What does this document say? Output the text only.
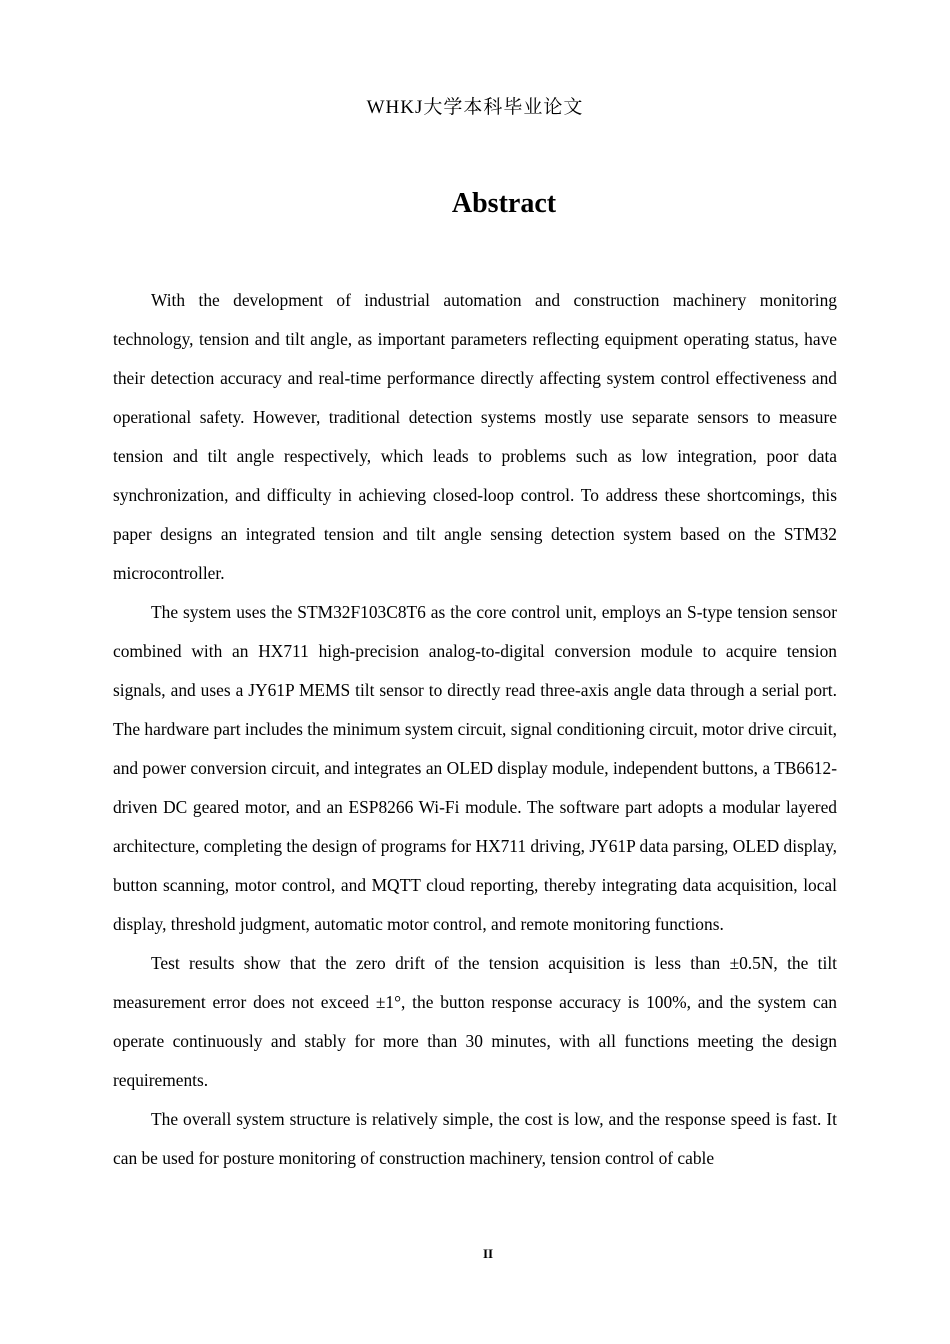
WHKJ大学本科毕业论文
Abstract

With the development of industrial automation and construction machinery monitoring technology, tension and tilt angle, as important parameters reflecting equipment operating status, have their detection accuracy and real-time performance directly affecting system control effectiveness and operational safety. However, traditional detection systems mostly use separate sensors to measure tension and tilt angle respectively, which leads to problems such as low integration, poor data synchronization, and difficulty in achieving closed-loop control. To address these shortcomings, this paper designs an integrated tension and tilt angle sensing detection system based on the STM32 microcontroller.

The system uses the STM32F103C8T6 as the core control unit, employs an S-type tension sensor combined with an HX711 high-precision analog-to-digital conversion module to acquire tension signals, and uses a JY61P MEMS tilt sensor to directly read three-axis angle data through a serial port. The hardware part includes the minimum system circuit, signal conditioning circuit, motor drive circuit, and power conversion circuit, and integrates an OLED display module, independent buttons, a TB6612-driven DC geared motor, and an ESP8266 Wi-Fi module. The software part adopts a modular layered architecture, completing the design of programs for HX711 driving, JY61P data parsing, OLED display, button scanning, motor control, and MQTT cloud reporting, thereby integrating data acquisition, local display, threshold judgment, automatic motor control, and remote monitoring functions.

Test results show that the zero drift of the tension acquisition is less than ±0.5N, the tilt measurement error does not exceed ±1°, the button response accuracy is 100%, and the system can operate continuously and stably for more than 30 minutes, with all functions meeting the design requirements.

The overall system structure is relatively simple, the cost is low, and the response speed is fast. It can be used for posture monitoring of construction machinery, tension control of cable

II
